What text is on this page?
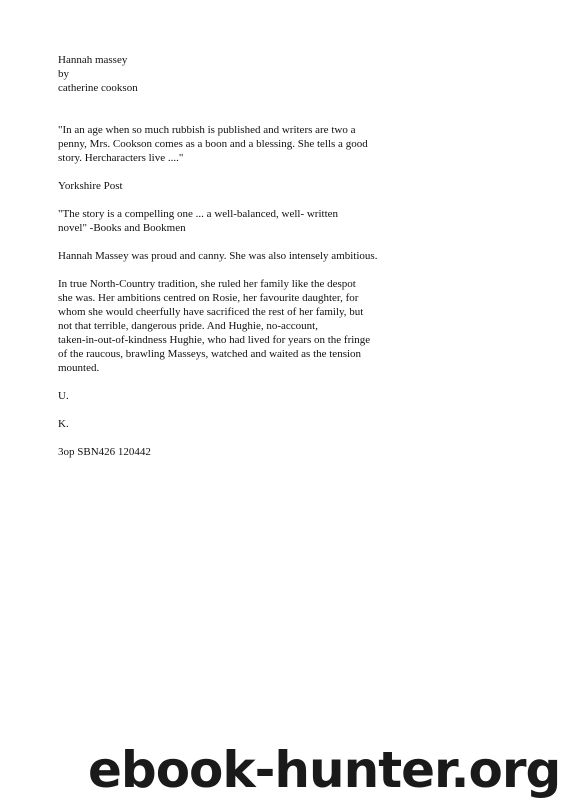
Hannah massey
by
catherine cookson
"In an age when so much rubbish is published and writers are two a
penny, Mrs. Cookson comes as a boon and a blessing. She tells a good
story. Hercharacters live ...."
Yorkshire Post
"The story is a compelling one ... a well-balanced, well- written
novel" -Books and Bookmen
Hannah Massey was proud and canny. She was also intensely ambitious.
In true North-Country tradition, she ruled her family like the despot
she was. Her ambitions centred on Rosie, her favourite daughter, for
whom she would cheerfully have sacrificed the rest of her family, but
not that terrible, dangerous pride. And Hughie, no-account,
taken-in-out-of-kindness Hughie, who had lived for years on the fringe
of the raucous, brawling Masseys, watched and waited as the tension
mounted.
U.
K.
3op SBN426 120442
ebook-hunter.org
